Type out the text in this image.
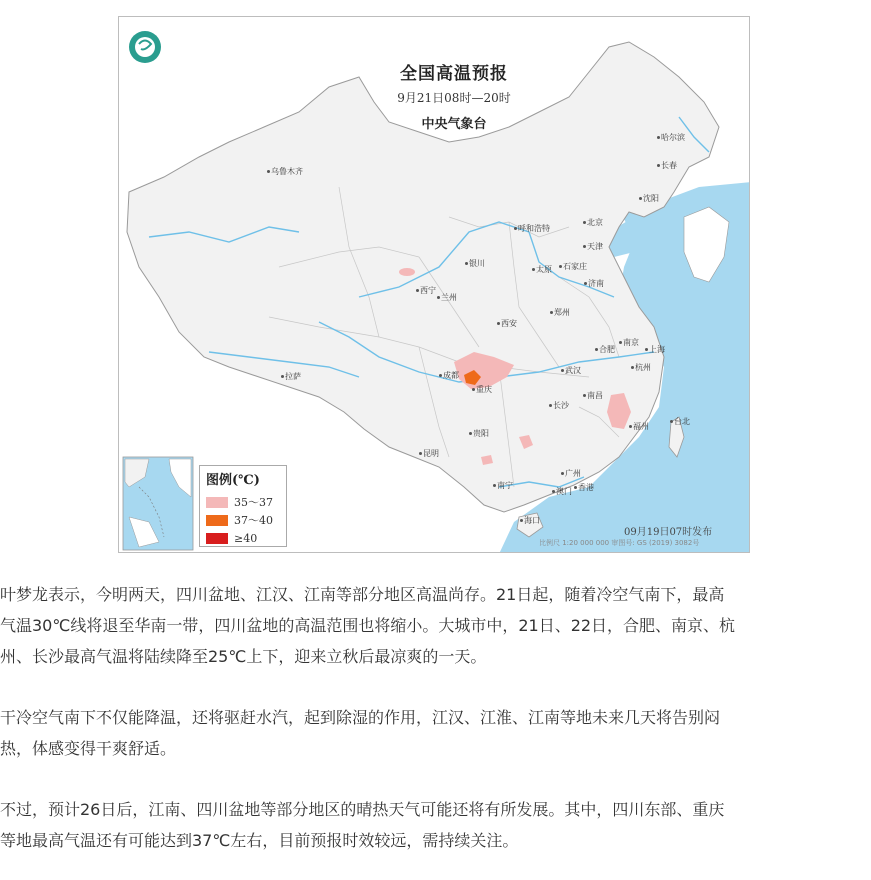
全国高温预报
9月21日08时—20时
中央气象台
乌鲁木齐
哈尔滨
长春
沈阳
呼和浩特
北京
天津
石家庄
太原
银川
济南
西宁
兰州
郑州
西安
南京
合肥	上海
拉萨	成都
武汉	杭州
重庆
南昌
长沙
台北
福州
贵阳
昆明
广州
南宁
澳门 香港
海口
图例(℃)
35～37
37～40
≥40	09月19日07时发布
比例尺 1:20 000 000 审图号: GS (2019) 3082号

叶梦龙表示，今明两天，四川盆地、江汉、江南等部分地区高温尚存。21日起，随着冷空气南下，最高

气温30℃线将退至华南一带，四川盆地的高温范围也将缩小。大城市中，21日、22日，合肥、南京、杭

州、长沙最高气温将陆续降至25℃上下，迎来立秋后最凉爽的一天。

干冷空气南下不仅能降温，还将驱赶水汽，起到除湿的作用，江汉、江淮、江南等地未来几天将告别闷

热，体感变得干爽舒适。

不过，预计26日后，江南、四川盆地等部分地区的晴热天气可能还将有所发展。其中，四川东部、重庆

等地最高气温还有可能达到37℃左右，目前预报时效较远，需持续关注。
